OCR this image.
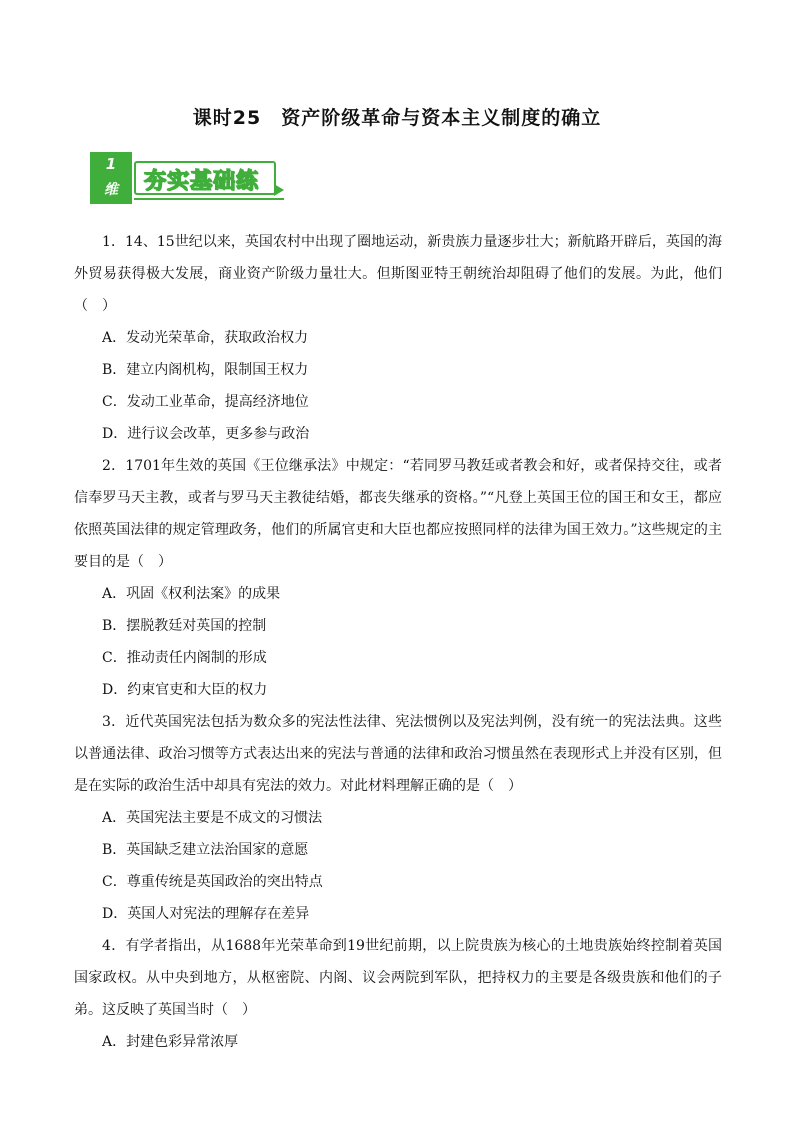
课时25　资产阶级革命与资本主义制度的确立
1
维	夯实基础练

1．14、15世纪以来，英国农村中出现了圈地运动，新贵族力量逐步壮大；新航路开辟后，英国的海外贸易获得极大发展，商业资产阶级力量壮大。但斯图亚特王朝统治却阻碍了他们的发展。为此，他们（　）

A．发动光荣革命，获取政治权力

B．建立内阁机构，限制国王权力

C．发动工业革命，提高经济地位

D．进行议会改革，更多参与政治

2．1701年生效的英国《王位继承法》中规定：“若同罗马教廷或者教会和好，或者保持交往，或者信奉罗马天主教，或者与罗马天主教徒结婚，都丧失继承的资格。”“凡登上英国王位的国王和女王，都应依照英国法律的规定管理政务，他们的所属官吏和大臣也都应按照同样的法律为国王效力。”这些规定的主要目的是（　）

A．巩固《权利法案》的成果

B．摆脱教廷对英国的控制

C．推动责任内阁制的形成

D．约束官吏和大臣的权力

3．近代英国宪法包括为数众多的宪法性法律、宪法惯例以及宪法判例，没有统一的宪法法典。这些以普通法律、政治习惯等方式表达出来的宪法与普通的法律和政治习惯虽然在表现形式上并没有区别，但是在实际的政治生活中却具有宪法的效力。对此材料理解正确的是（　）

A．英国宪法主要是不成文的习惯法

B．英国缺乏建立法治国家的意愿

C．尊重传统是英国政治的突出特点

D．英国人对宪法的理解存在差异

4．有学者指出，从1688年光荣革命到19世纪前期，以上院贵族为核心的土地贵族始终控制着英国国家政权。从中央到地方，从枢密院、内阁、议会两院到军队，把持权力的主要是各级贵族和他们的子弟。这反映了英国当时（　）

A．封建色彩异常浓厚
